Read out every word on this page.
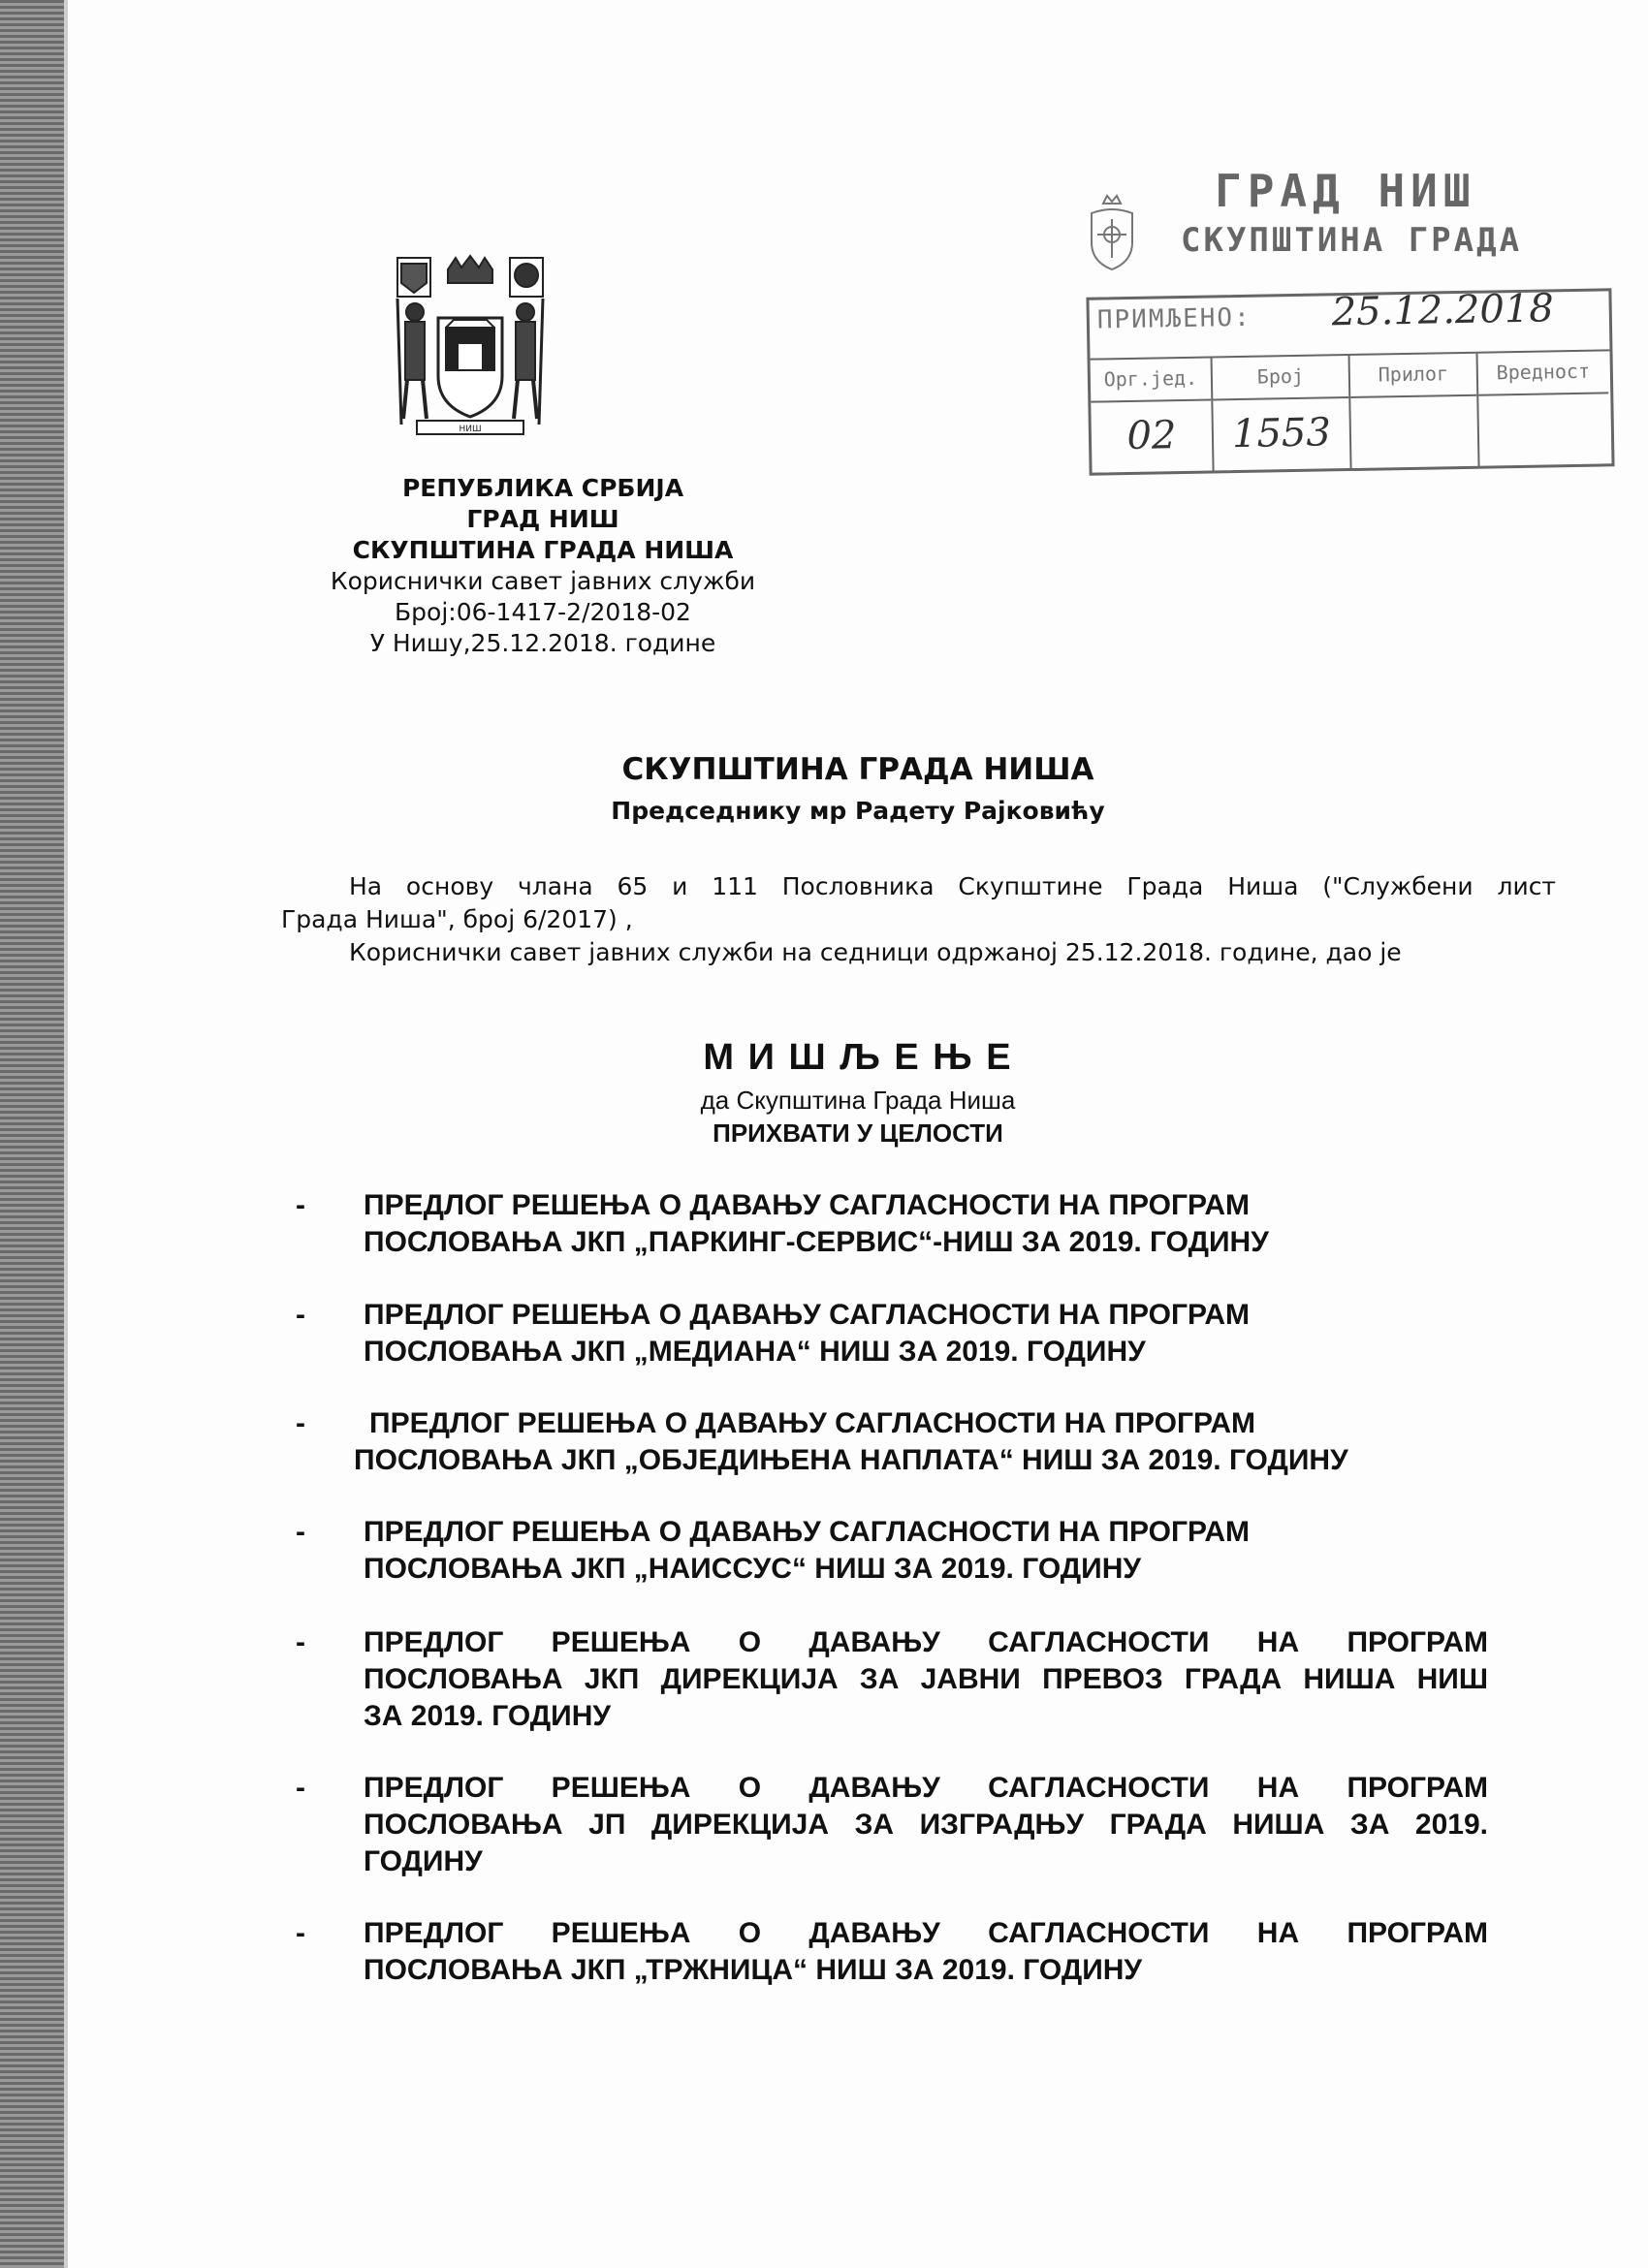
НИШ
РЕПУБЛИКА СРБИЈА
ГРАД НИШ
СКУПШТИНА ГРАДА НИША
Кориснички савет јавних служби
Број:06-1417-2/2018-02
У Нишу,25.12.2018. године
ГРАД НИШ
СКУПШТИНА ГРАДА
ПРИМЉЕНО: 25.12.2018
Орг.јед.
02
Број
1553
Прилог	Вредност
СКУПШТИНА ГРАДА НИША
Председнику мр Радету Рајковићу
На основу члана 65 и 111 Пословника Скупштине Града Ниша ("Службени лист
Града Ниша", број 6/2017) ,
Кориснички савет јавних служби на седници одржаној 25.12.2018. године, дао је
М И Ш Љ Е Њ Е
да Скупштина Града Ниша
ПРИХВАТИ У ЦЕЛОСТИ
- ПРЕДЛОГ РЕШЕЊА О ДАВАЊУ САГЛАСНОСТИ НА ПРОГРАМ
ПОСЛОВАЊА ЈКП „ПАРКИНГ-СЕРВИС“-НИШ ЗА 2019. ГОДИНУ
- ПРЕДЛОГ РЕШЕЊА О ДАВАЊУ САГЛАСНОСТИ НА ПРОГРАМ
ПОСЛОВАЊА ЈКП „МЕДИАНА“ НИШ ЗА 2019. ГОДИНУ
-	ПРЕДЛОГ РЕШЕЊА О ДАВАЊУ САГЛАСНОСТИ НА ПРОГРАМ
ПОСЛОВАЊА ЈКП „ОБЈЕДИЊЕНА НАПЛАТА“ НИШ ЗА 2019. ГОДИНУ
- ПРЕДЛОГ РЕШЕЊА О ДАВАЊУ САГЛАСНОСТИ НА ПРОГРАМ
ПОСЛОВАЊА ЈКП „НАИССУС“ НИШ ЗА 2019. ГОДИНУ
- ПРЕДЛОГ РЕШЕЊА О ДАВАЊУ САГЛАСНОСТИ НА ПРОГРАМ
ПОСЛОВАЊА ЈКП ДИРЕКЦИЈА ЗА ЈАВНИ ПРЕВОЗ ГРАДА НИША НИШ
ЗА 2019. ГОДИНУ
- ПРЕДЛОГ РЕШЕЊА О ДАВАЊУ САГЛАСНОСТИ НА ПРОГРАМ
ПОСЛОВАЊА ЈП ДИРЕКЦИЈА ЗА ИЗГРАДЊУ ГРАДА НИША ЗА 2019.
ГОДИНУ
- ПРЕДЛОГ РЕШЕЊА О ДАВАЊУ САГЛАСНОСТИ НА ПРОГРАМ
ПОСЛОВАЊА ЈКП „ТРЖНИЦА“ НИШ ЗА 2019. ГОДИНУ
